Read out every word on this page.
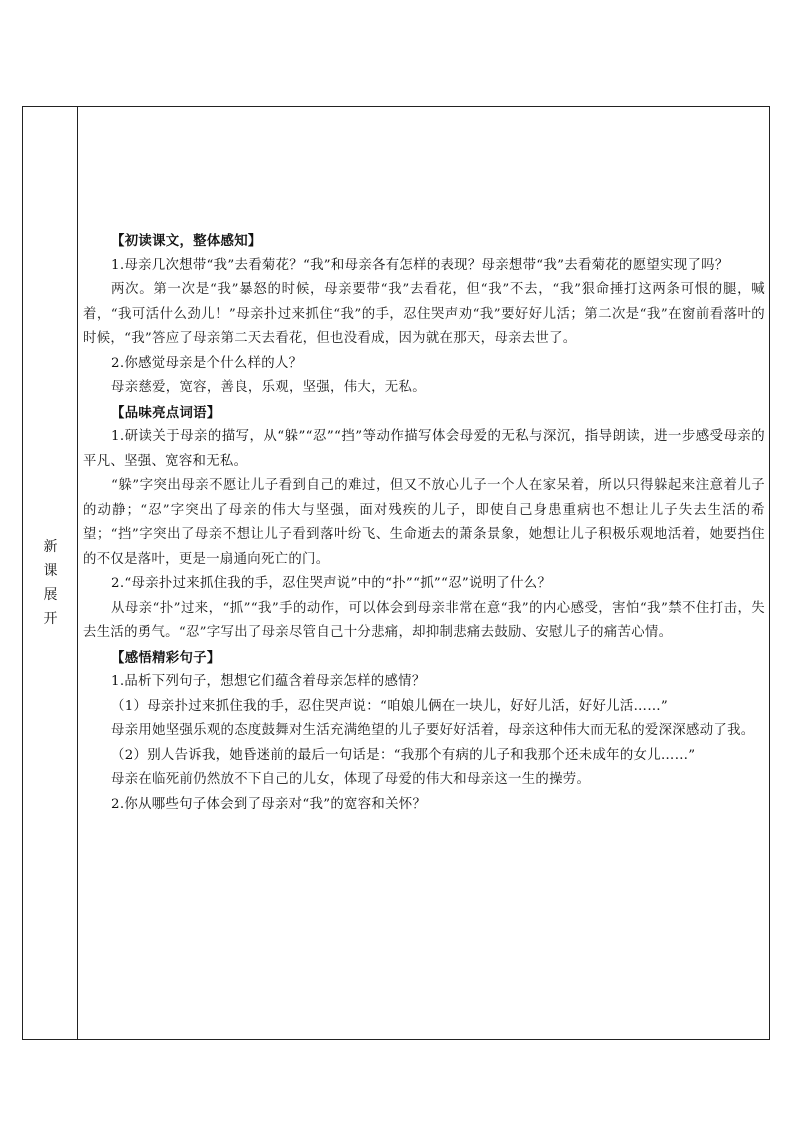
新
课
展
开

【初读课文，整体感知】

1.母亲几次想带“我”去看菊花？“我”和母亲各有怎样的表现？母亲想带“我”去看菊花的愿望实现了吗？

两次。第一次是“我”暴怒的时候，母亲要带“我”去看花，但“我”不去，“我”狠命捶打这两条可恨的腿，喊着，“我可活什么劲儿！”母亲扑过来抓住“我”的手，忍住哭声劝“我”要好好儿活；第二次是“我”在窗前看落叶的时候，“我”答应了母亲第二天去看花，但也没看成，因为就在那天，母亲去世了。

2.你感觉母亲是个什么样的人？

母亲慈爱，宽容，善良，乐观，坚强，伟大，无私。

【品味亮点词语】

1.研读关于母亲的描写，从“躲”“忍”“挡”等动作描写体会母爱的无私与深沉，指导朗读，进一步感受母亲的平凡、坚强、宽容和无私。

“躲”字突出母亲不愿让儿子看到自己的难过，但又不放心儿子一个人在家呆着，所以只得躲起来注意着儿子的动静；“忍”字突出了母亲的伟大与坚强，面对残疾的儿子，即使自己身患重病也不想让儿子失去生活的希望；“挡”字突出了母亲不想让儿子看到落叶纷飞、生命逝去的萧条景象，她想让儿子积极乐观地活着，她要挡住的不仅是落叶，更是一扇通向死亡的门。

2.“母亲扑过来抓住我的手，忍住哭声说”中的“扑”“抓”“忍”说明了什么？

从母亲“扑”过来，“抓”“我”手的动作，可以体会到母亲非常在意“我”的内心感受，害怕“我”禁不住打击，失去生活的勇气。“忍”字写出了母亲尽管自己十分悲痛，却抑制悲痛去鼓励、安慰儿子的痛苦心情。

【感悟精彩句子】

1.品析下列句子，想想它们蕴含着母亲怎样的感情？

（1）母亲扑过来抓住我的手，忍住哭声说：“咱娘儿俩在一块儿，好好儿活，好好儿活……”

母亲用她坚强乐观的态度鼓舞对生活充满绝望的儿子要好好活着，母亲这种伟大而无私的爱深深感动了我。

（2）别人告诉我，她昏迷前的最后一句话是：“我那个有病的儿子和我那个还未成年的女儿……”

母亲在临死前仍然放不下自己的儿女，体现了母爱的伟大和母亲这一生的操劳。

2.你从哪些句子体会到了母亲对“我”的宽容和关怀？
